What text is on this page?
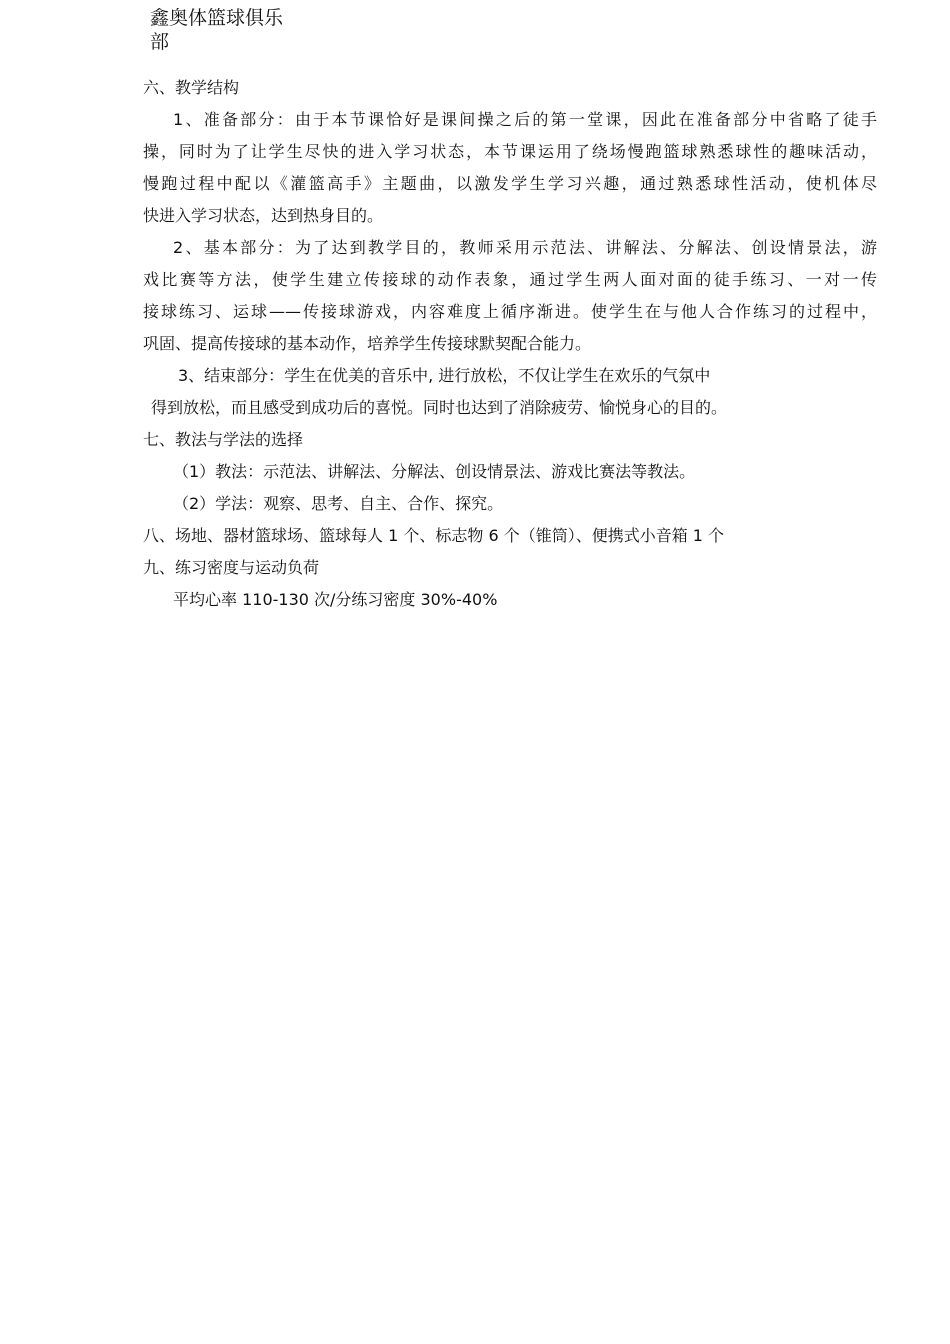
鑫奥体篮球俱乐
部
六、教学结构
1、准备部分：由于本节课恰好是课间操之后的第一堂课，因此在准备部分中省略了徒手
操，同时为了让学生尽快的进入学习状态，本节课运用了绕场慢跑篮球熟悉球性的趣味活动，
慢跑过程中配以《灌篮高手》主题曲，以激发学生学习兴趣，通过熟悉球性活动，使机体尽
快进入学习状态，达到热身目的。
2、基本部分：为了达到教学目的，教师采用示范法、讲解法、分解法、创设情景法，游
戏比赛等方法，使学生建立传接球的动作表象，通过学生两人面对面的徒手练习、一对一传
接球练习、运球——传接球游戏，内容难度上循序渐进。使学生在与他人合作练习的过程中，
巩固、提高传接球的基本动作，培养学生传接球默契配合能力。
3、结束部分：学生在优美的音乐中, 进行放松，不仅让学生在欢乐的气氛中
得到放松，而且感受到成功后的喜悦。同时也达到了消除疲劳、愉悦身心的目的。
七、教法与学法的选择
（1）教法：示范法、讲解法、分解法、创设情景法、游戏比赛法等教法。
（2）学法：观察、思考、自主、合作、探究。
八、场地、器材篮球场、篮球每人 1 个、标志物 6 个（锥筒）、便携式小音箱 1 个
九、练习密度与运动负荷
平均心率 110-130 次/分练习密度 30%-40%
